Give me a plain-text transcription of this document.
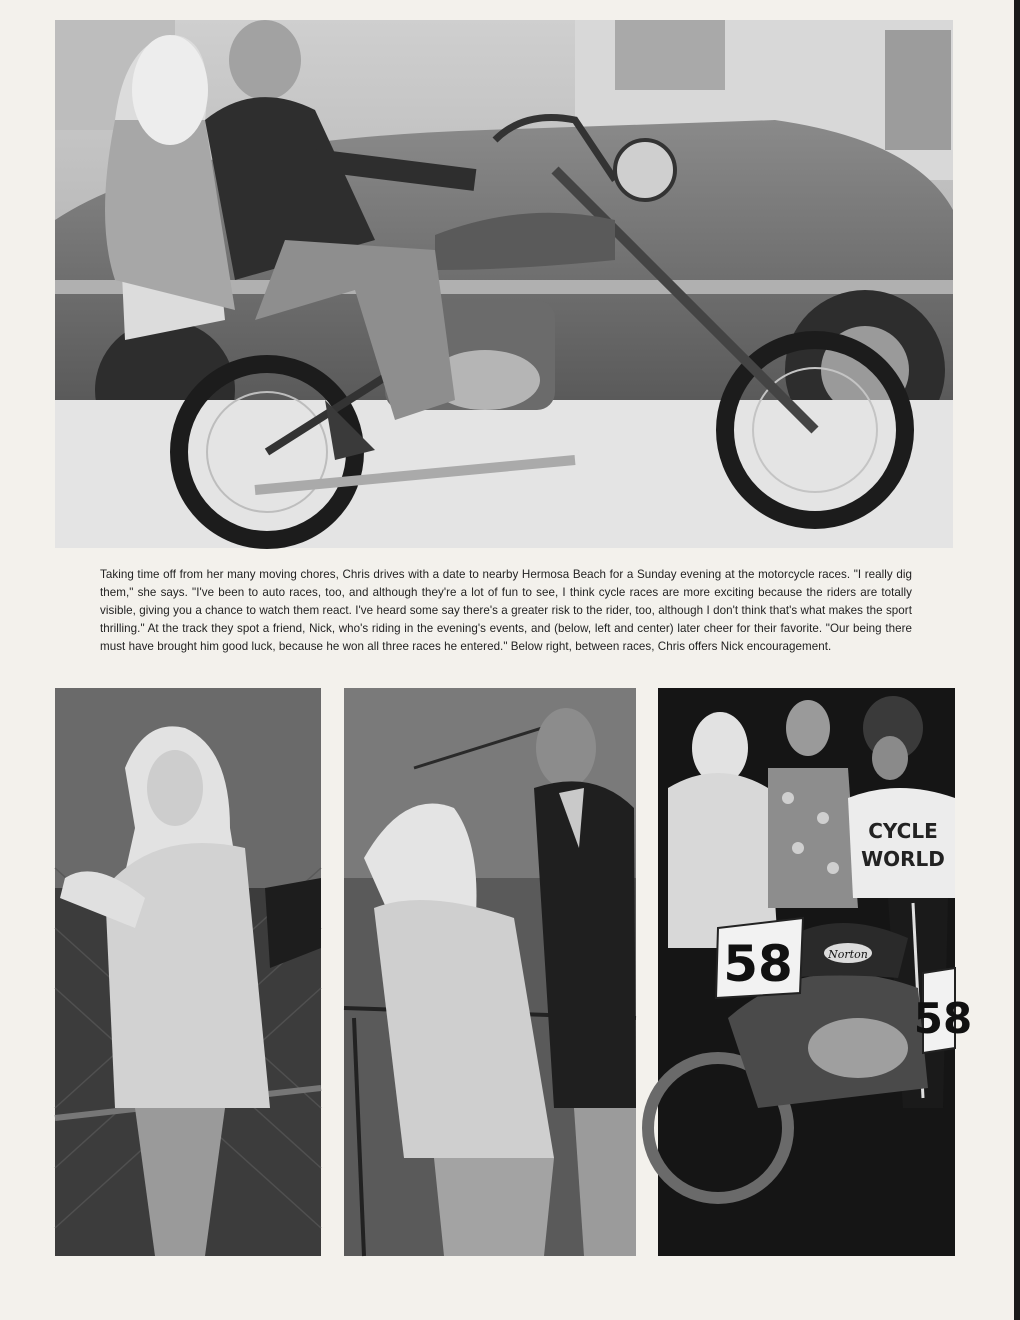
Taking time off from her many moving chores, Chris drives with a date to nearby Hermosa Beach for a Sunday evening at the motorcycle races. "I really dig them," she says. "I've been to auto races, too, and although they're a lot of fun to see, I think cycle races are more exciting because the riders are totally visible, giving you a chance to watch them react. I've heard some say there's a greater risk to the rider, too, although I don't think that's what makes the sport thrilling." At the track they spot a friend, Nick, who's riding in the evening's events, and (below, left and center) later cheer for their favorite. "Our being there must have brought him good luck, because he won all three races he entered." Below right, between races, Chris offers Nick encouragement.

58
58
CYCLE
WORLD
Norton
